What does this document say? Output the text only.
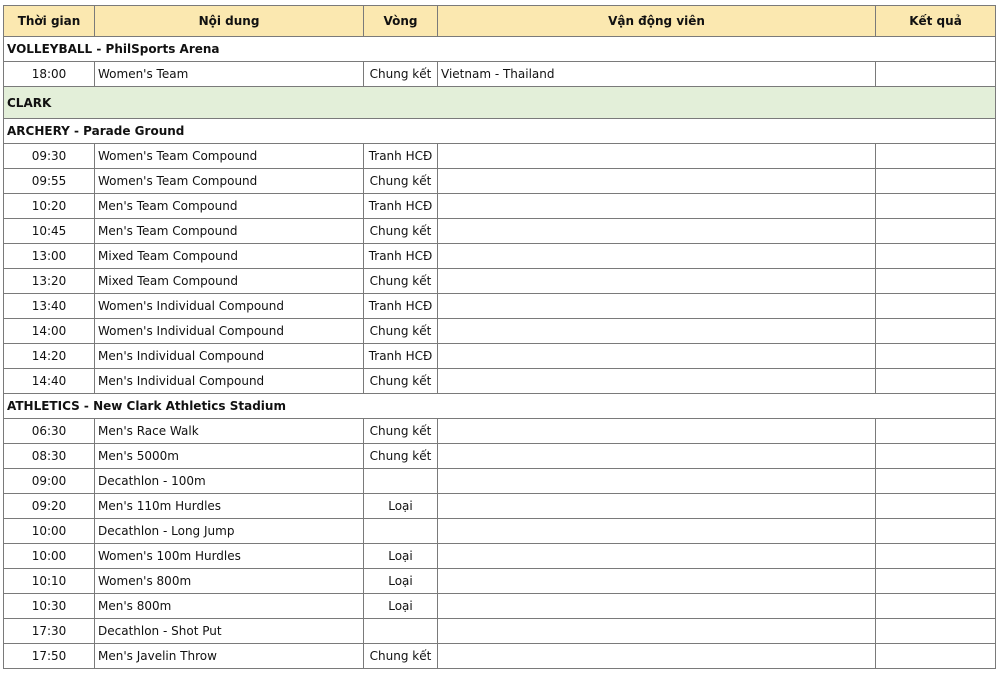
Thời gian	Nội dung	Vòng	Vận động viên	Kết quả
VOLLEYBALL - PhilSports Arena				
18:00	Women's Team	Chung kết	Vietnam - Thailand	
CLARK				
ARCHERY - Parade Ground				
09:30	Women's Team Compound	Tranh HCĐ		
09:55	Women's Team Compound	Chung kết		
10:20	Men's Team Compound	Tranh HCĐ		
10:45	Men's Team Compound	Chung kết		
13:00	Mixed Team Compound	Tranh HCĐ		
13:20	Mixed Team Compound	Chung kết		
13:40	Women's Individual Compound	Tranh HCĐ		
14:00	Women's Individual Compound	Chung kết		
14:20	Men's Individual Compound	Tranh HCĐ		
14:40	Men's Individual Compound	Chung kết		
ATHLETICS - New Clark Athletics Stadium				
06:30	Men's Race Walk	Chung kết		
08:30	Men's 5000m	Chung kết		
09:00	Decathlon - 100m			
09:20	Men's 110m Hurdles	Loại		
10:00	Decathlon - Long Jump			
10:00	Women's 100m Hurdles	Loại		
10:10	Women's 800m	Loại		
10:30	Men's 800m	Loại		
17:30	Decathlon - Shot Put			
17:50	Men's Javelin Throw	Chung kết		
